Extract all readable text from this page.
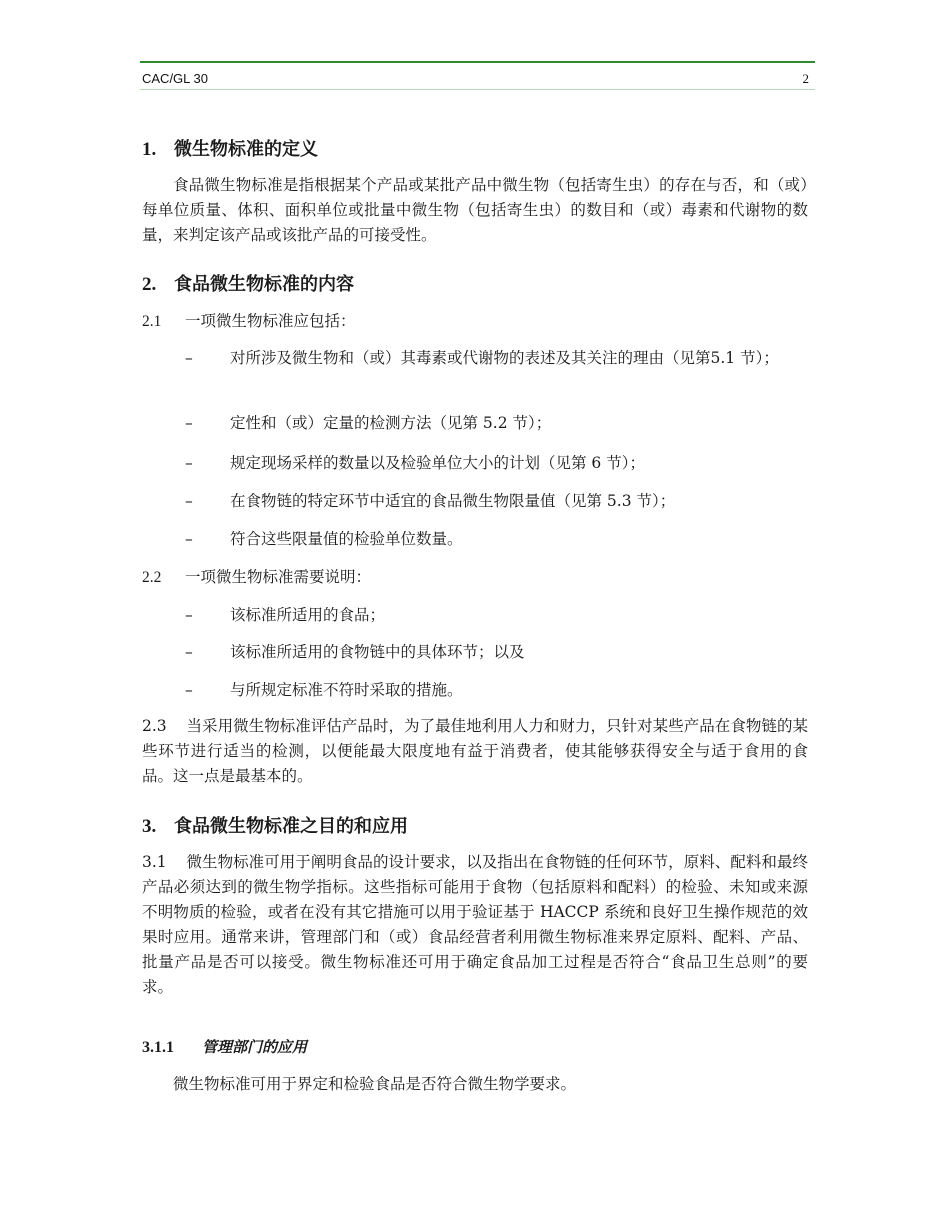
CAC/GL 30	2
1. 微生物标准的定义
食品微生物标准是指根据某个产品或某批产品中微生物（包括寄生虫）的存在与否，和（或）每单位质量、体积、面积单位或批量中微生物（包括寄生虫）的数目和（或）毒素和代谢物的数量，来判定该产品或该批产品的可接受性。
2. 食品微生物标准的内容
2.1 一项微生物标准应包括：
–	对所涉及微生物和（或）其毒素或代谢物的表述及其关注的理由（见第5.1 节）；
–	定性和（或）定量的检测方法（见第 5.2 节）；
–	规定现场采样的数量以及检验单位大小的计划（见第 6 节）；
–	在食物链的特定环节中适宜的食品微生物限量值（见第 5.3 节）；
–	符合这些限量值的检验单位数量。
2.2 一项微生物标准需要说明：
–	该标准所适用的食品；
–	该标准所适用的食物链中的具体环节；以及
–	与所规定标准不符时采取的措施。
2.3 当采用微生物标准评估产品时，为了最佳地利用人力和财力，只针对某些产品在食物链的某些环节进行适当的检测，以便能最大限度地有益于消费者，使其能够获得安全与适于食用的食品。这一点是最基本的。
3. 食品微生物标准之目的和应用
3.1 微生物标准可用于阐明食品的设计要求，以及指出在食物链的任何环节，原料、配料和最终产品必须达到的微生物学指标。这些指标可能用于食物（包括原料和配料）的检验、未知或来源不明物质的检验，或者在没有其它措施可以用于验证基于 HACCP 系统和良好卫生操作规范的效果时应用。通常来讲，管理部门和（或）食品经营者利用微生物标准来界定原料、配料、产品、批量产品是否可以接受。微生物标准还可用于确定食品加工过程是否符合“食品卫生总则”的要求。
3.1.1 管理部门的应用
微生物标准可用于界定和检验食品是否符合微生物学要求。
